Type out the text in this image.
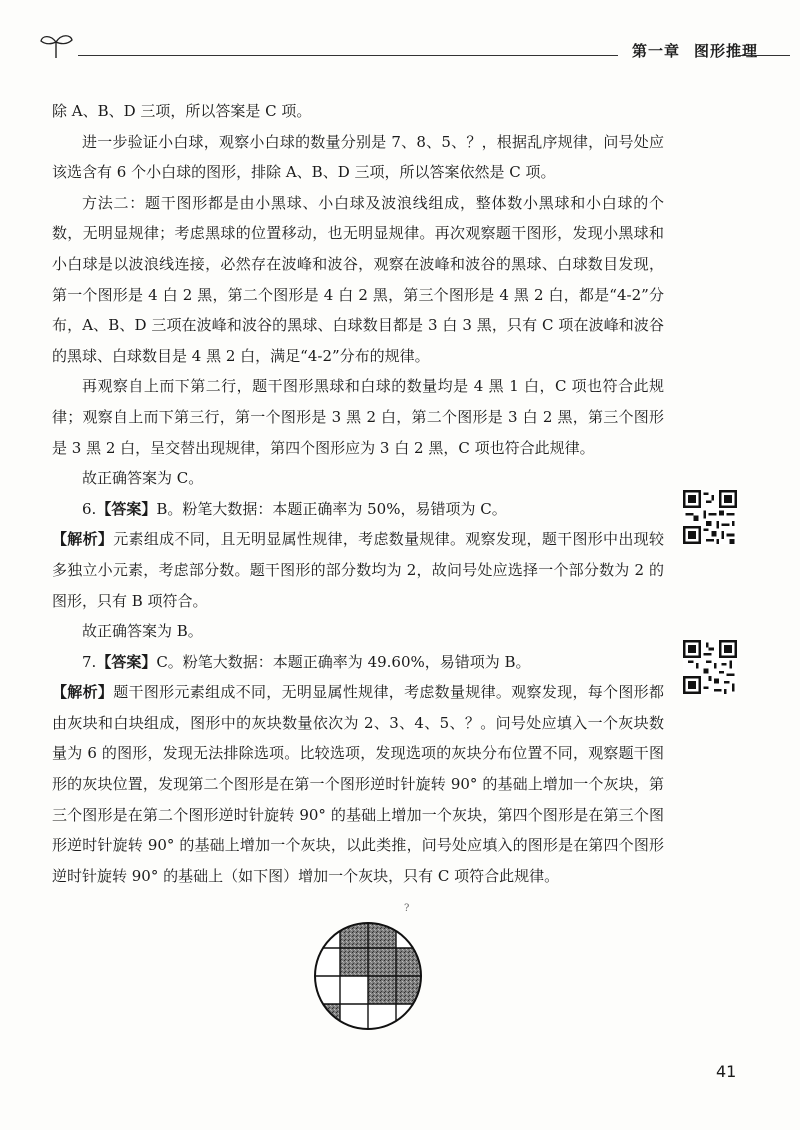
第一章 图形推理

除 A、B、D 三项，所以答案是 C 项。

进一步验证小白球，观察小白球的数量分别是 7、8、5、？，根据乱序规律，问号处应该选含有 6 个小白球的图形，排除 A、B、D 三项，所以答案依然是 C 项。

方法二：题干图形都是由小黑球、小白球及波浪线组成，整体数小黑球和小白球的个数，无明显规律；考虑黑球的位置移动，也无明显规律。再次观察题干图形，发现小黑球和小白球是以波浪线连接，必然存在波峰和波谷，观察在波峰和波谷的黑球、白球数目发现，第一个图形是 4 白 2 黑，第二个图形是 4 白 2 黑，第三个图形是 4 黑 2 白，都是“4-2”分布，A、B、D 三项在波峰和波谷的黑球、白球数目都是 3 白 3 黑，只有 C 项在波峰和波谷的黑球、白球数目是 4 黑 2 白，满足“4-2”分布的规律。

再观察自上而下第二行，题干图形黑球和白球的数量均是 4 黑 1 白，C 项也符合此规律；观察自上而下第三行，第一个图形是 3 黑 2 白，第二个图形是 3 白 2 黑，第三个图形是 3 黑 2 白，呈交替出现规律，第四个图形应为 3 白 2 黑，C 项也符合此规律。

故正确答案为 C。

6.【答案】B。粉笔大数据：本题正确率为 50%，易错项为 C。

【解析】元素组成不同，且无明显属性规律，考虑数量规律。观察发现，题干图形中出现较多独立小元素，考虑部分数。题干图形的部分数均为 2，故问号处应选择一个部分数为 2 的图形，只有 B 项符合。

故正确答案为 B。

7.【答案】C。粉笔大数据：本题正确率为 49.60%，易错项为 B。

【解析】题干图形元素组成不同，无明显属性规律，考虑数量规律。观察发现，每个图形都由灰块和白块组成，图形中的灰块数量依次为 2、3、4、5、？。问号处应填入一个灰块数量为 6 的图形，发现无法排除选项。比较选项，发现选项的灰块分布位置不同，观察题干图形的灰块位置，发现第二个图形是在第一个图形逆时针旋转 90° 的基础上增加一个灰块，第三个图形是在第二个图形逆时针旋转 90° 的基础上增加一个灰块，第四个图形是在第三个图形逆时针旋转 90° 的基础上增加一个灰块，以此类推，问号处应填入的图形是在第四个图形逆时针旋转 90° 的基础上（如下图）增加一个灰块，只有 C 项符合此规律。

?
41
